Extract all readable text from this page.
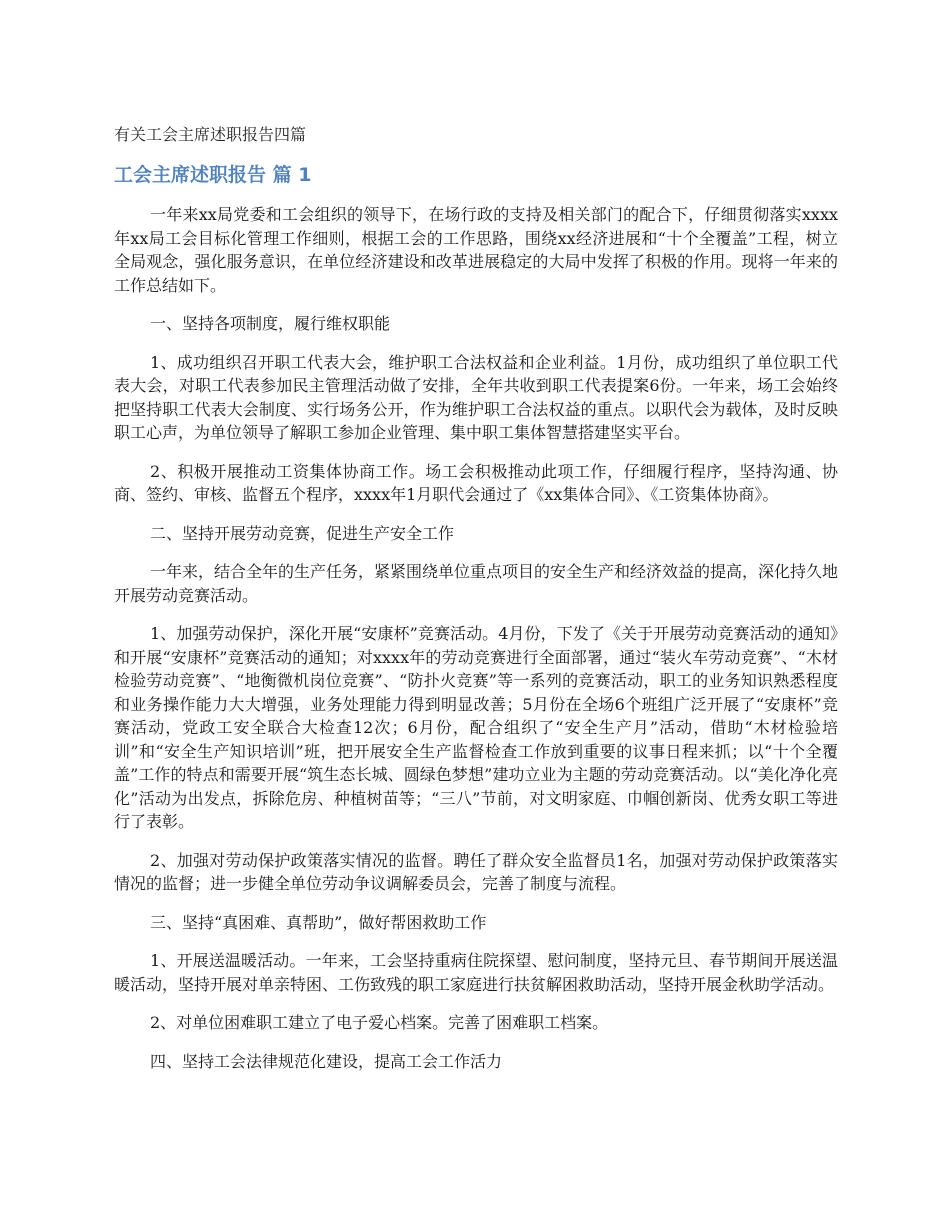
有关工会主席述职报告四篇
工会主席述职报告 篇 1

一年来xx局党委和工会组织的领导下，在场行政的支持及相关部门的配合下，仔细贯彻落实xxxx年xx局工会目标化管理工作细则，根据工会的工作思路，围绕xx经济进展和“十个全覆盖”工程，树立全局观念，强化服务意识，在单位经济建设和改革进展稳定的大局中发挥了积极的作用。现将一年来的工作总结如下。

一、坚持各项制度，履行维权职能

1、成功组织召开职工代表大会，维护职工合法权益和企业利益。1月份，成功组织了单位职工代表大会，对职工代表参加民主管理活动做了安排，全年共收到职工代表提案6份。一年来，场工会始终把坚持职工代表大会制度、实行场务公开，作为维护职工合法权益的重点。以职代会为载体，及时反映职工心声，为单位领导了解职工参加企业管理、集中职工集体智慧搭建坚实平台。

2、积极开展推动工资集体协商工作。场工会积极推动此项工作，仔细履行程序，坚持沟通、协商、签约、审核、监督五个程序，xxxx年1月职代会通过了《xx集体合同》、《工资集体协商》。

二、坚持开展劳动竞赛，促进生产安全工作

一年来，结合全年的生产任务，紧紧围绕单位重点项目的安全生产和经济效益的提高，深化持久地开展劳动竞赛活动。

1、加强劳动保护，深化开展“安康杯”竞赛活动。4月份，下发了《关于开展劳动竞赛活动的通知》和开展“安康杯”竞赛活动的通知；对xxxx年的劳动竞赛进行全面部署，通过“装火车劳动竞赛”、“木材检验劳动竞赛”、“地衡微机岗位竞赛”、“防扑火竞赛”等一系列的竞赛活动，职工的业务知识熟悉程度和业务操作能力大大增强，业务处理能力得到明显改善；5月份在全场6个班组广泛开展了“安康杯”竞赛活动，党政工安全联合大检查12次；6月份，配合组织了“安全生产月”活动，借助“木材检验培训”和“安全生产知识培训”班，把开展安全生产监督检查工作放到重要的议事日程来抓；以“十个全覆盖”工作的特点和需要开展“筑生态长城、圆绿色梦想”建功立业为主题的劳动竞赛活动。以“美化净化亮化”活动为出发点，拆除危房、种植树苗等；“三八”节前，对文明家庭、巾帼创新岗、优秀女职工等进行了表彰。

2、加强对劳动保护政策落实情况的监督。聘任了群众安全监督员1名，加强对劳动保护政策落实情况的监督；进一步健全单位劳动争议调解委员会，完善了制度与流程。

三、坚持“真困难、真帮助”，做好帮困救助工作

1、开展送温暖活动。一年来，工会坚持重病住院探望、慰问制度，坚持元旦、春节期间开展送温暖活动，坚持开展对单亲特困、工伤致残的职工家庭进行扶贫解困救助活动，坚持开展金秋助学活动。

2、对单位困难职工建立了电子爱心档案。完善了困难职工档案。

四、坚持工会法律规范化建设，提高工会工作活力
